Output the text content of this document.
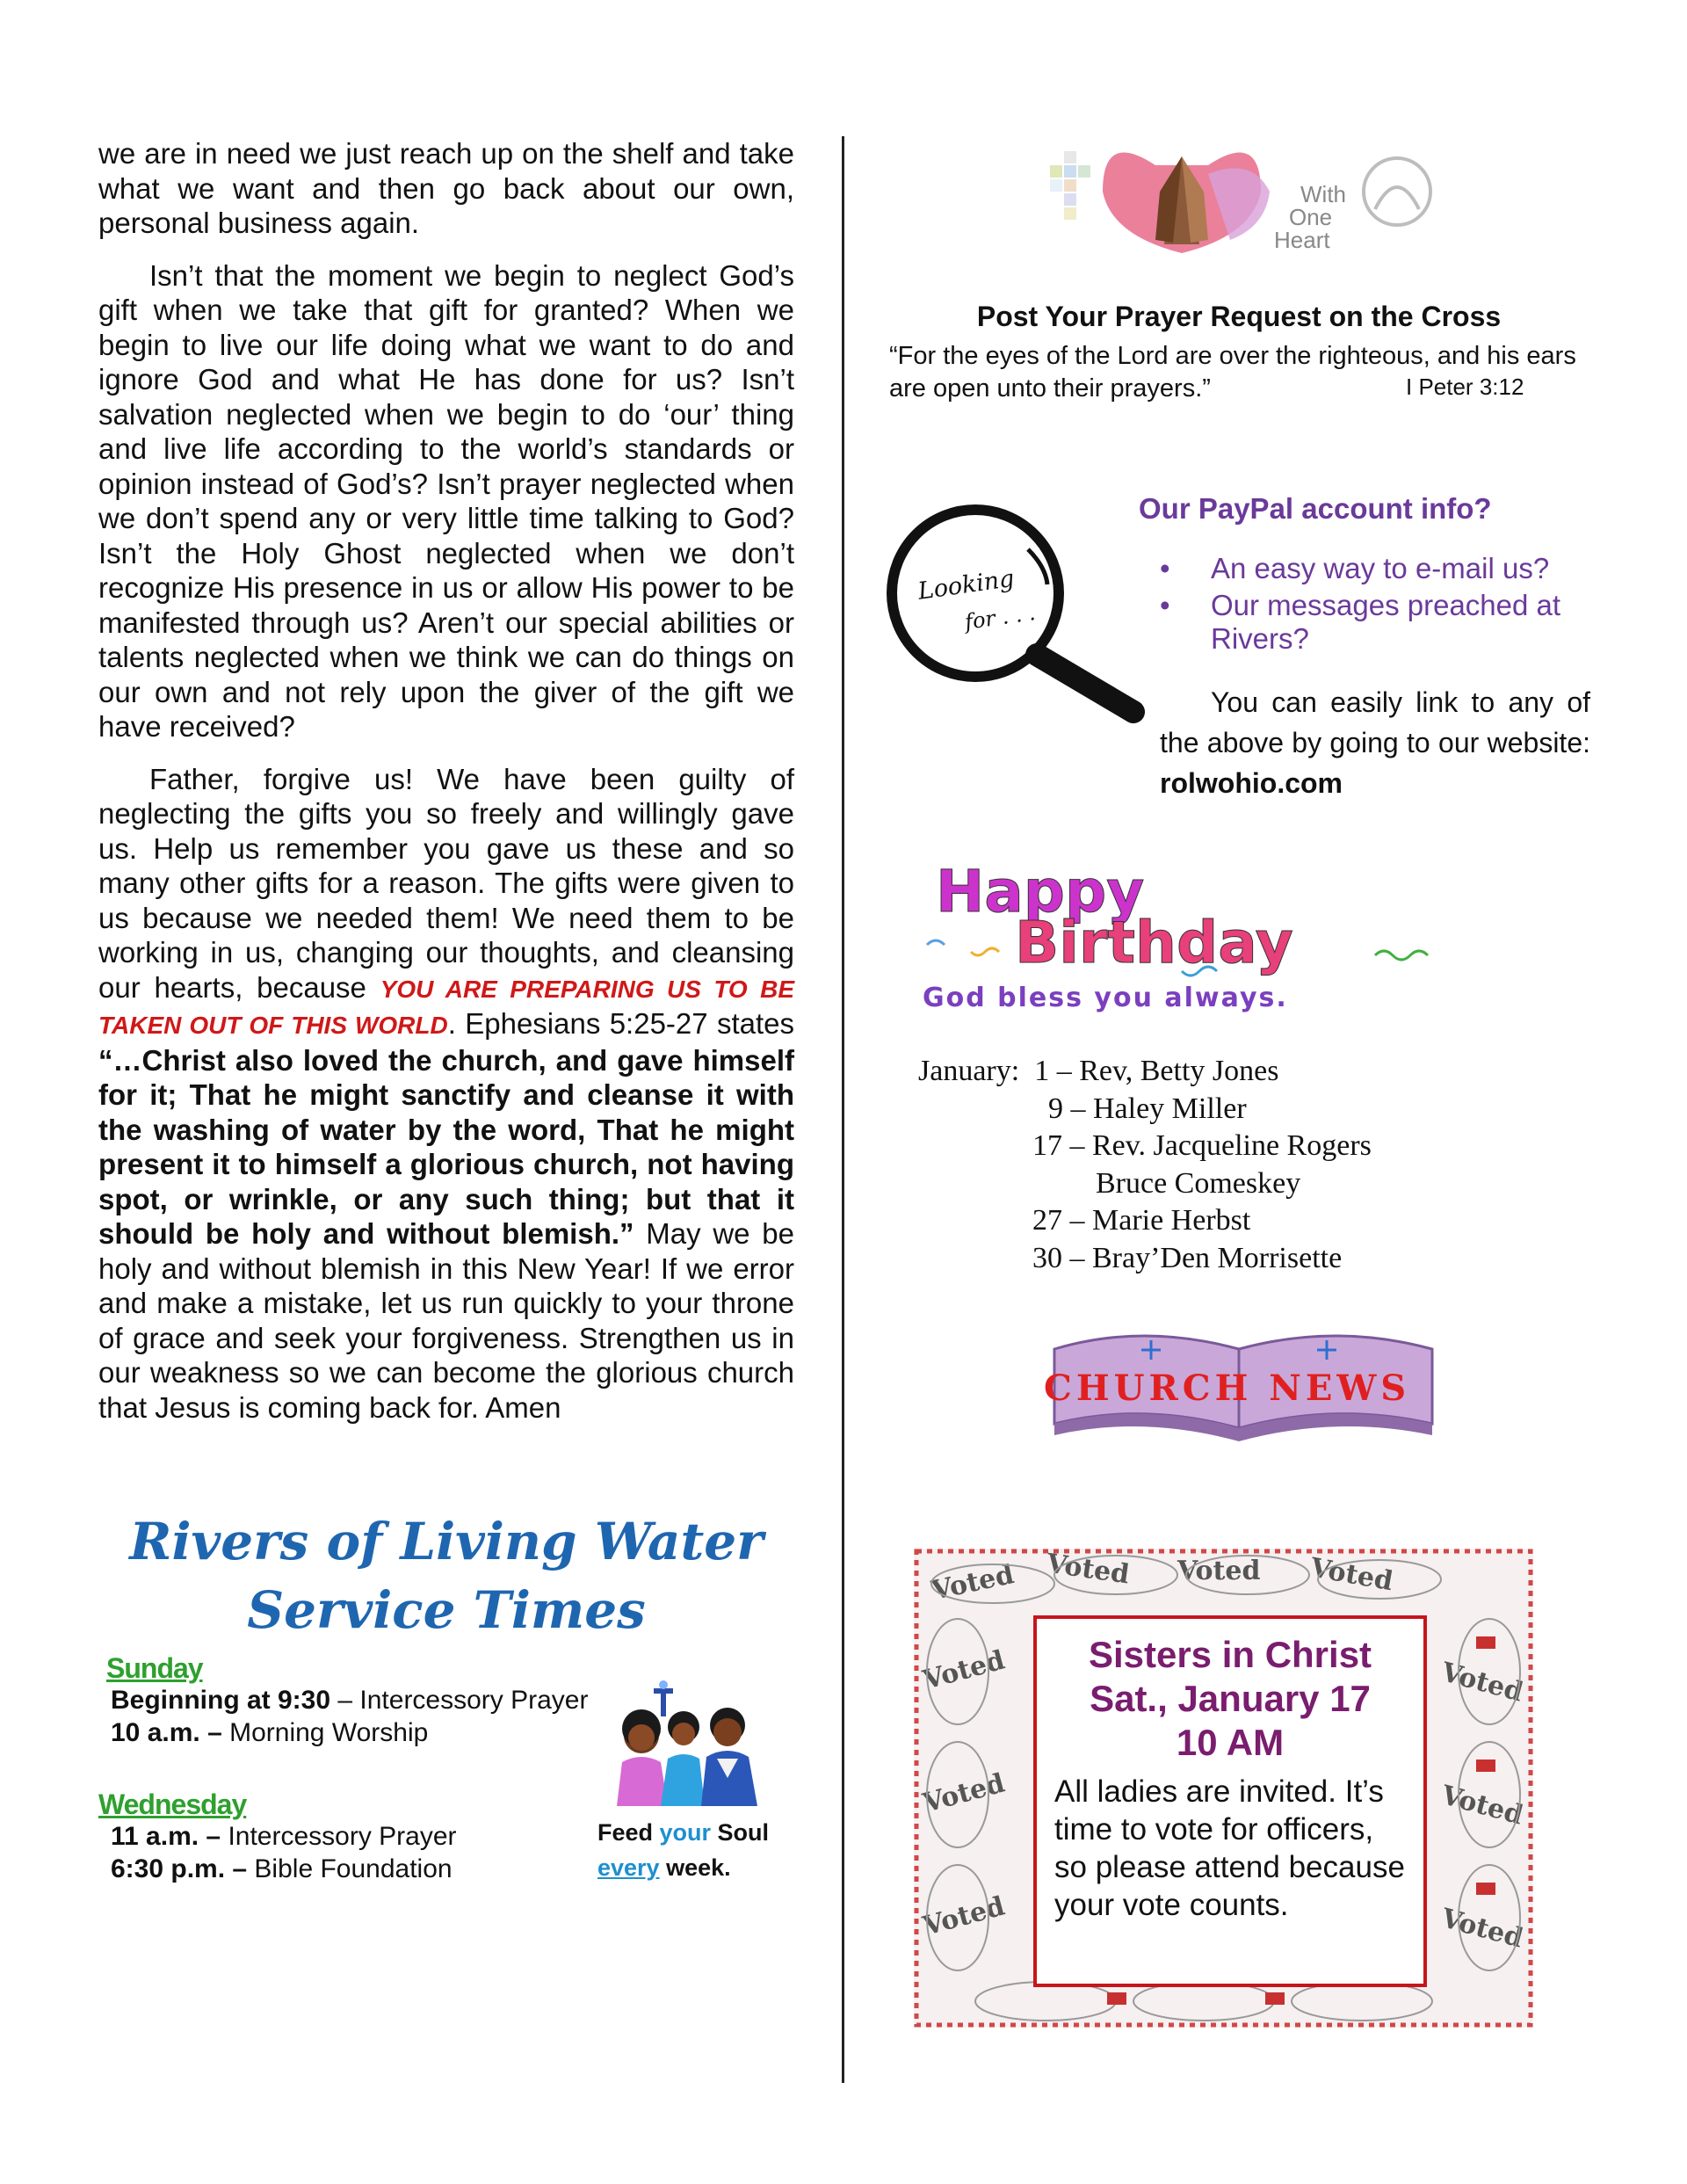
we are in need we just reach up on the shelf and take what we want and then go back about our own, personal business again.

Isn’t that the moment we begin to neglect God’s gift when we take that gift for granted? When we begin to live our life doing what we want to do and ignore God and what He has done for us? Isn’t salvation neglected when we begin to do ‘our’ thing and live life according to the world’s standards or opinion instead of God’s? Isn’t prayer neglected when we don’t spend any or very little time talking to God? Isn’t the Holy Ghost neglected when we don’t recognize His presence in us or allow His power to be manifested through us? Aren’t our special abilities or talents neglected when we think we can do things on our own and not rely upon the giver of the gift we have received?

Father, forgive us! We have been guilty of neglecting the gifts you so freely and willingly gave us. Help us remember you gave us these and so many other gifts for a reason. The gifts were given to us because we needed them! We need them to be working in us, changing our thoughts, and cleansing our hearts, because YOU ARE PREPARING US TO BE TAKEN OUT OF THIS WORLD. Ephesians 5:25-27 states “…Christ also loved the church, and gave himself for it; That he might sanctify and cleanse it with the washing of water by the word, That he might present it to himself a glorious church, not having spot, or wrinkle, or any such thing; but that it should be holy and without blemish.” May we be holy and without blemish in this New Year! If we error and make a mistake, let us run quickly to your throne of grace and seek your forgiveness. Strengthen us in our weakness so we can become the glorious church that Jesus is coming back for. Amen

Rivers of Living Water
Service Times
Sunday
Beginning at 9:30 – Intercessory Prayer
10 a.m. – Morning Worship
Wednesday
11 a.m. – Intercessory Prayer
6:30 p.m. – Bible Foundation
Feed your Soul
every week.
With
One
Heart
Post Your Prayer Request on the Cross
“For the eyes of the Lord are over the righteous, and his ears are open unto their prayers.”	I Peter 3:12
Looking
for . . .
Our PayPal account info?
• An easy way to e-mail us?
• Our messages preached at Rivers?
You can easily link to any of the above by going to our website: rolwohio.com
Happy
Birthday
God bless you always.
January: 1 – Rev, Betty Jones
9 – Haley Miller
17 – Rev. Jacqueline Rogers
Bruce Comeskey
27 – Marie Herbst
30 – Bray’Den Morrisette
CHURCH NEWS
Voted Voted Voted Voted
Voted
Voted
Voted
Voted
Voted
Voted
Sisters in Christ
Sat., January 17
10 AM
All ladies are invited. It’s time to vote for officers, so please attend because your vote counts.
